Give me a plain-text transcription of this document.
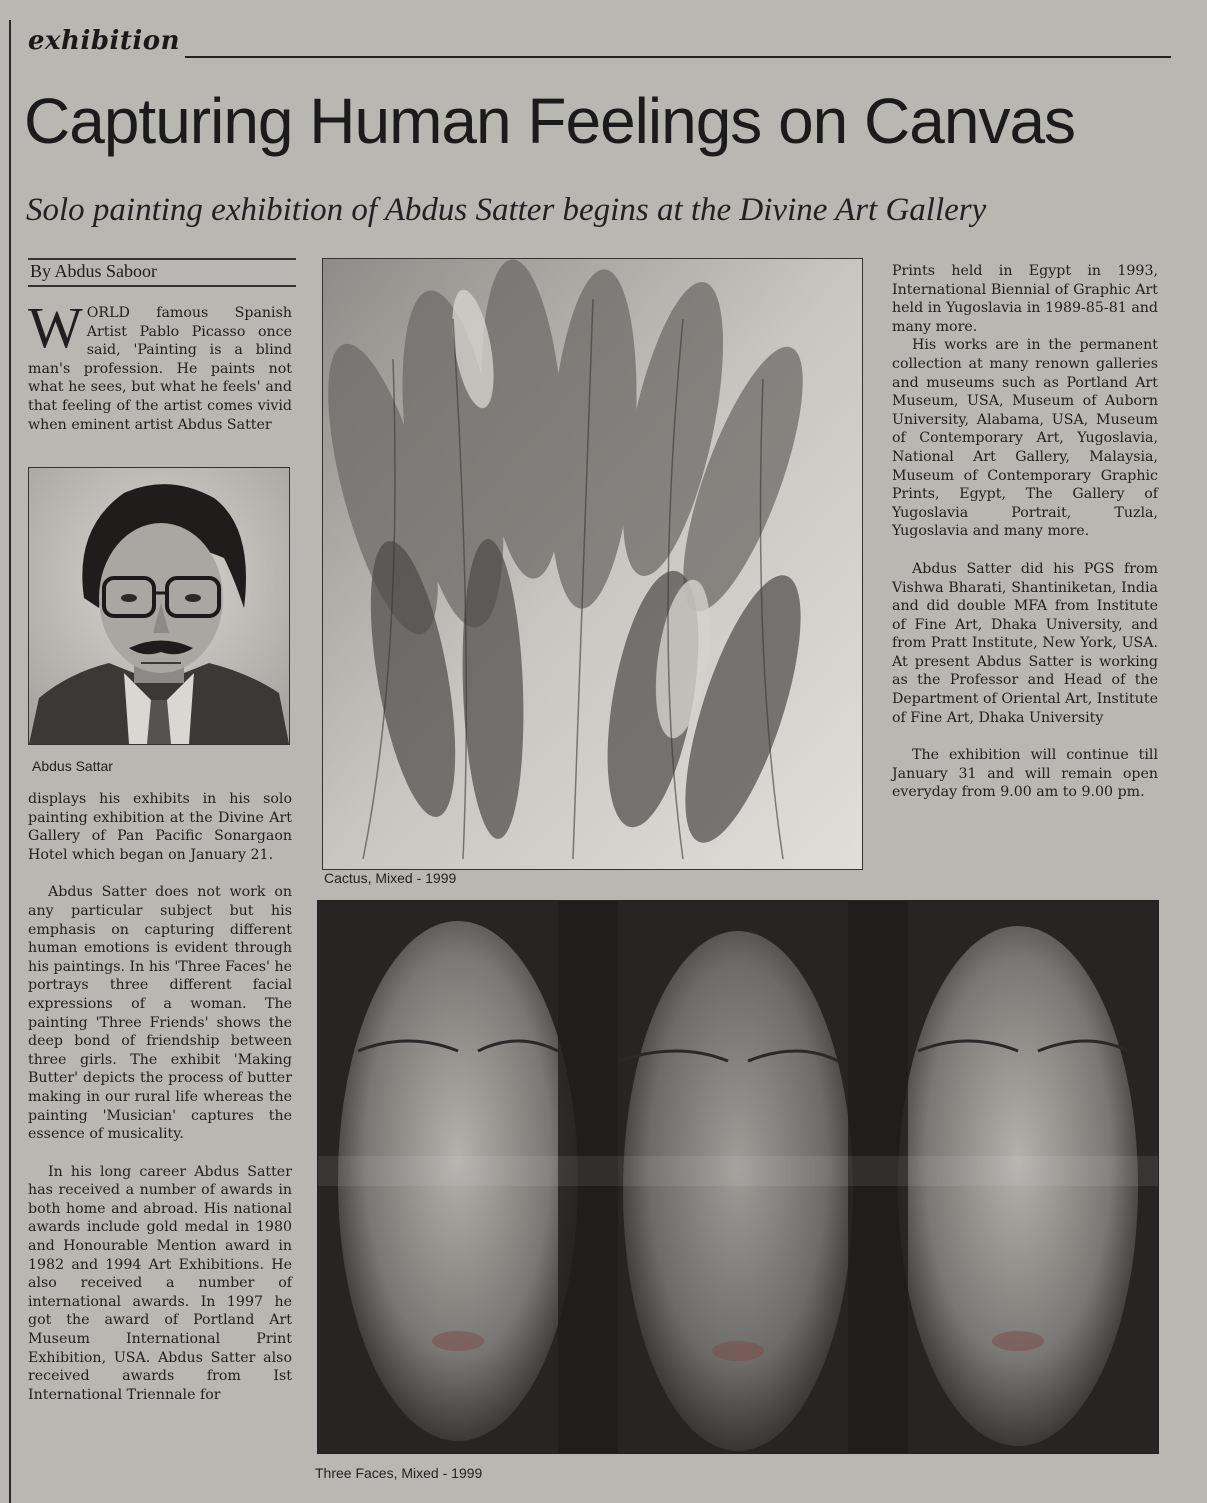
exhibition
Capturing Human Feelings on Canvas
Solo painting exhibition of Abdus Satter begins at the Divine Art Gallery
By Abdus Saboor

WORLD famous Spanish Artist Pablo Picasso once said, 'Painting is a blind man's profession. He paints not what he sees, but what he feels' and that feeling of the artist comes vivid when eminent artist Abdus Satter

Abdus Sattar

displays his exhibits in his solo painting exhibition at the Divine Art Gallery of Pan Pacific Sonargaon Hotel which began on January 21.

Abdus Satter does not work on any particular subject but his emphasis on capturing different human emotions is evident through his paintings. In his 'Three Faces' he portrays three different facial expressions of a woman. The painting 'Three Friends' shows the deep bond of friendship between three girls. The exhibit 'Making Butter' depicts the process of butter making in our rural life whereas the painting 'Musician' captures the essence of musicality.

In his long career Abdus Satter has received a number of awards in both home and abroad. His national awards include gold medal in 1980 and Honourable Mention award in 1982 and 1994 Art Exhibitions. He also received a number of international awards. In 1997 he got the award of Portland Art Museum International Print Exhibition, USA. Abdus Satter also received awards from Ist International Triennale for

Cactus, Mixed - 1999

Prints held in Egypt in 1993, International Biennial of Graphic Art held in Yugoslavia in 1989-85-81 and many more.

His works are in the permanent collection at many renown galleries and museums such as Portland Art Museum, USA, Museum of Auborn University, Alabama, USA, Museum of Contemporary Art, Yugoslavia, National Art Gallery, Malaysia, Museum of Contemporary Graphic Prints, Egypt, The Gallery of Yugoslavia Portrait, Tuzla, Yugoslavia and many more.

Abdus Satter did his PGS from Vishwa Bharati, Shantiniketan, India and did double MFA from Institute of Fine Art, Dhaka University, and from Pratt Institute, New York, USA. At present Abdus Satter is working as the Professor and Head of the Department of Oriental Art, Institute of Fine Art, Dhaka University

The exhibition will continue till January 31 and will remain open everyday from 9.00 am to 9.00 pm.

Three Faces, Mixed - 1999
